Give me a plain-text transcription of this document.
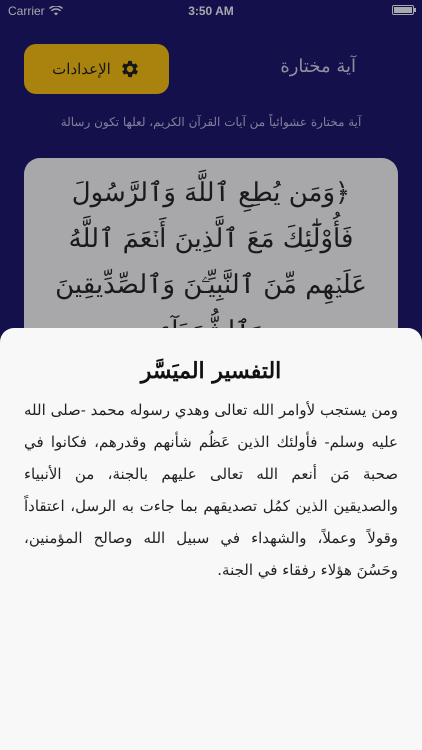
Carrier	3:50 AM
الإعدادات	آية مختارة
آية مختارة عشوائياً من آيات القرآن الكريم، لعلها تكون رسالة
﴿وَمَن يُطِعِ ٱللَّهَ وَٱلرَّسُولَ فَأُوْلَٰٓئِكَ مَعَ ٱلَّذِينَ أَنۡعَمَ ٱللَّهُ عَلَيۡهِم مِّنَ ٱلنَّبِيِّـۧنَ وَٱلصِّدِّيقِينَ
التفسير الميَسَّر
ومن يستجب لأوامر الله تعالى وهدي رسوله محمد -صلى الله عليه وسلم- فأولئك الذين عَظُم شأنهم وقدرهم، فكانوا في صحبة مَن أنعم الله تعالى عليهم بالجنة، من الأنبياء والصديقين الذين كمُل تصديقهم بما جاءت به الرسل، اعتقاداً وقولاً وعملاً، والشهداء في سبيل الله وصالح المؤمنين، وحَسُنَ هؤلاء رفقاء في الجنة.
